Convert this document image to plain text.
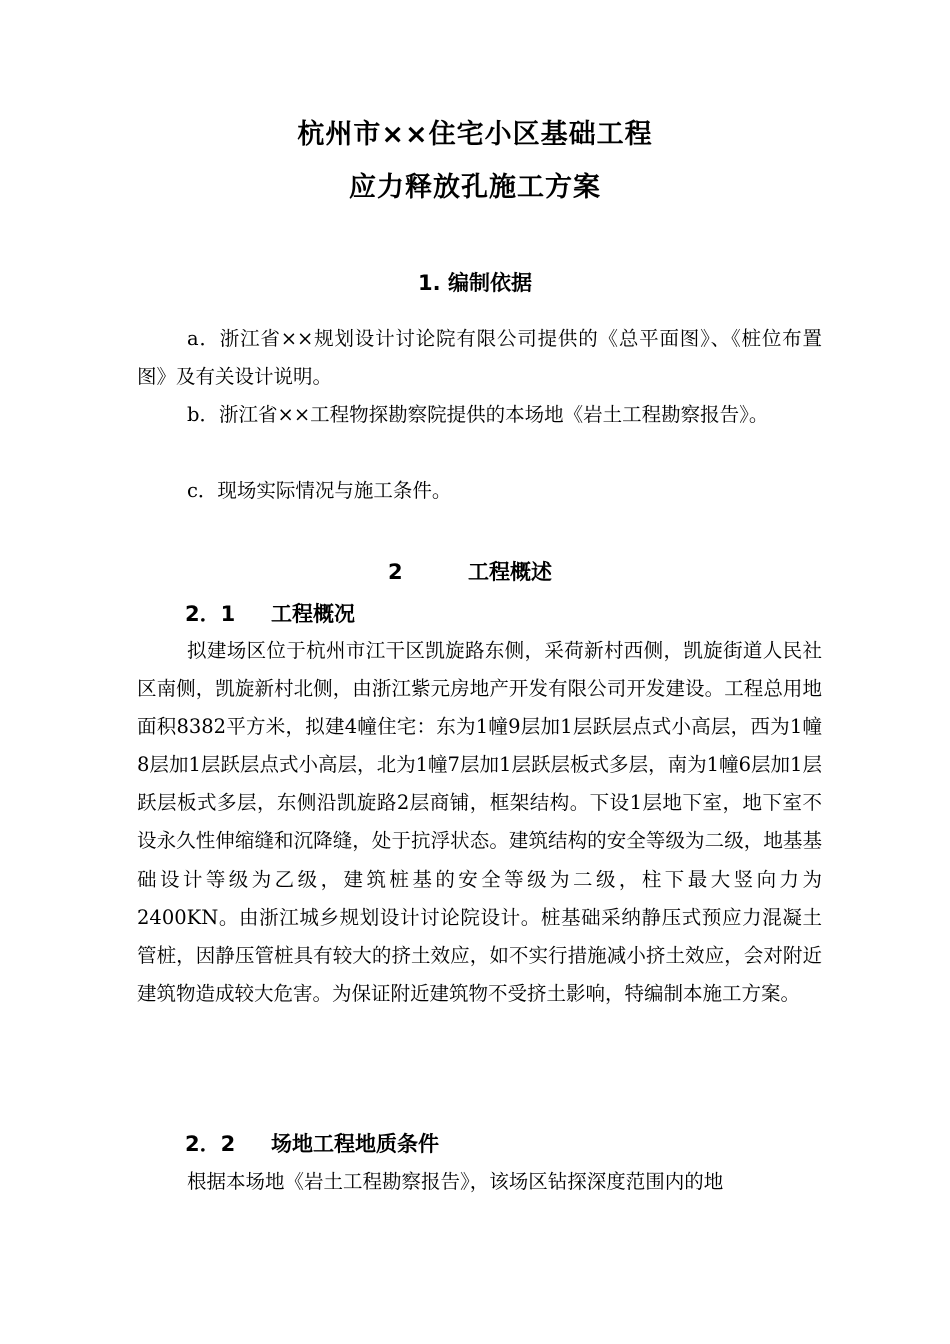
杭州市××住宅小区基础工程
应力释放孔施工方案
1. 编制依据

a．浙江省××规划设计讨论院有限公司提供的《总平面图》、《桩位布置图》及有关设计说明。

b．浙江省××工程物探勘察院提供的本场地《岩土工程勘察报告》。

c．现场实际情况与施工条件。

2	工程概述
2．1 工程概况

拟建场区位于杭州市江干区凯旋路东侧，采荷新村西侧，凯旋街道人民社区南侧，凯旋新村北侧，由浙江紫元房地产开发有限公司开发建设。工程总用地面积8382平方米，拟建4幢住宅：东为1幢9层加1层跃层点式小高层，西为1幢8层加1层跃层点式小高层，北为1幢7层加1层跃层板式多层，南为1幢6层加1层跃层板式多层，东侧沿凯旋路2层商铺，框架结构。下设1层地下室，地下室不设永久性伸缩缝和沉降缝，处于抗浮状态。建筑结构的安全等级为二级，地基基础设计等级为乙级，建筑桩基的安全等级为二级，柱下最大竖向力为2400KN。由浙江城乡规划设计讨论院设计。桩基础采纳静压式预应力混凝土管桩，因静压管桩具有较大的挤土效应，如不实行措施减小挤土效应，会对附近建筑物造成较大危害。为保证附近建筑物不受挤土影响，特编制本施工方案。

2．2 场地工程地质条件

根据本场地《岩土工程勘察报告》，该场区钻探深度范围内的地
